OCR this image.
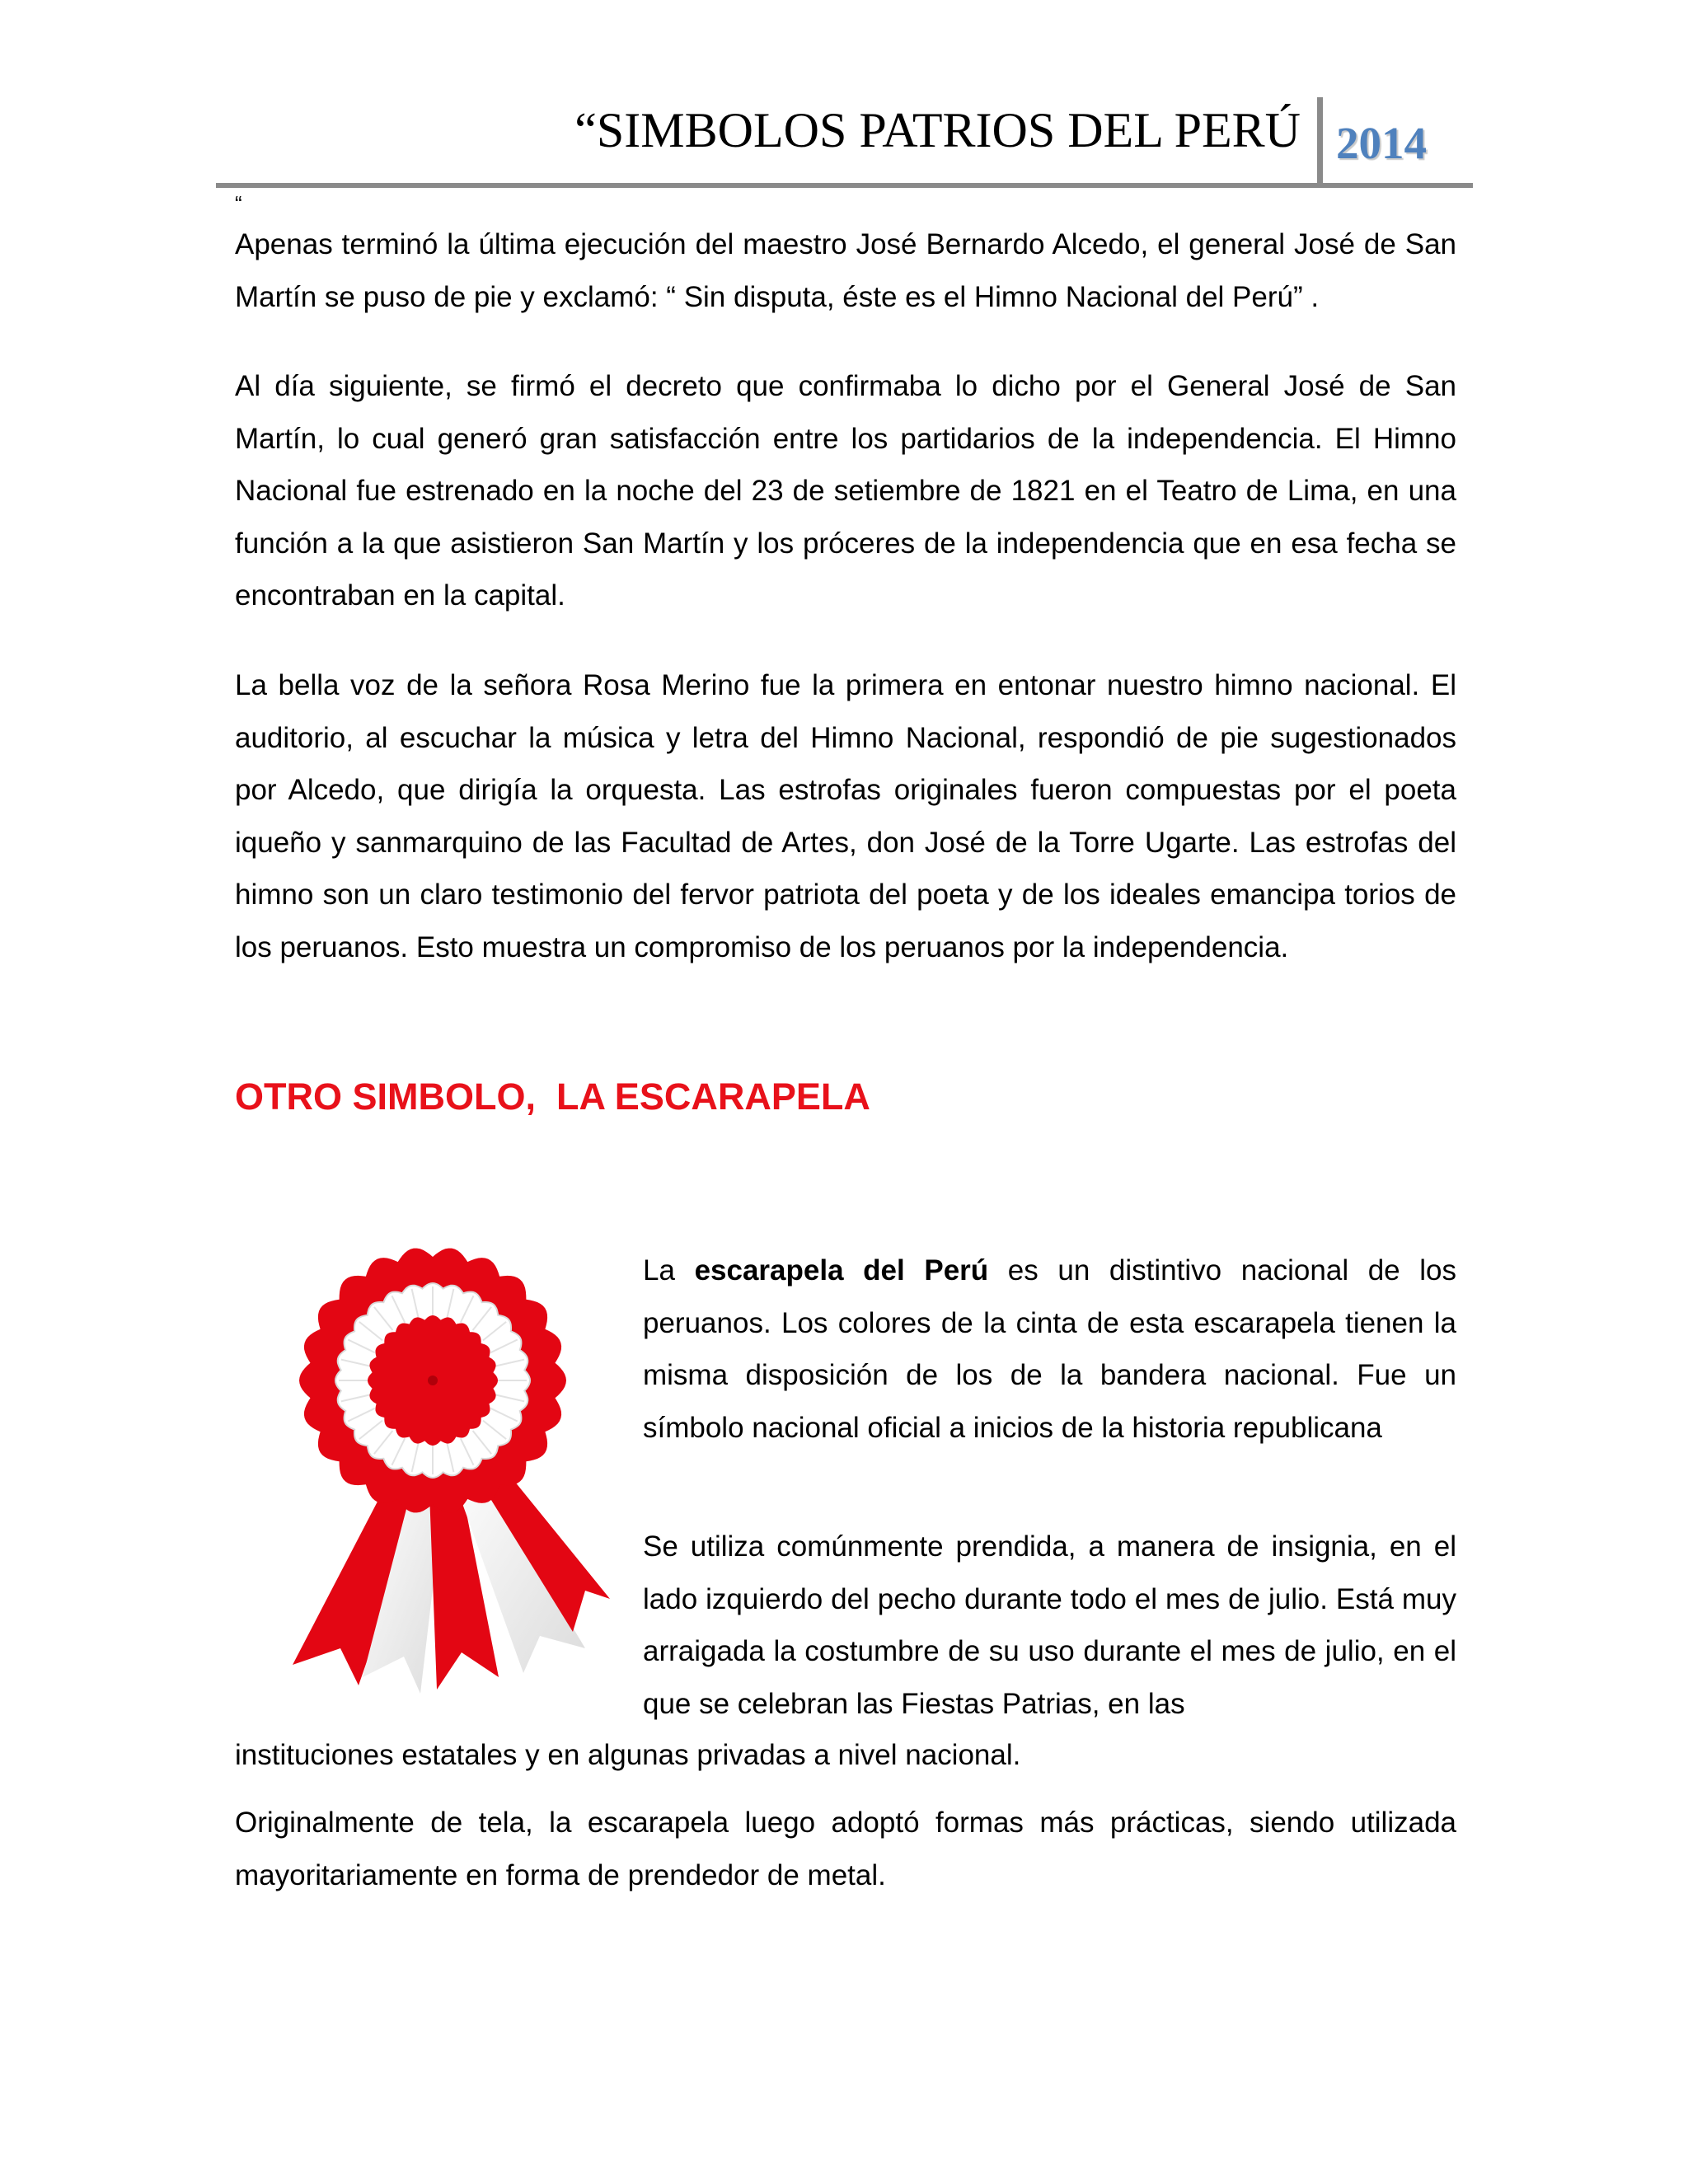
“SIMBOLOS PATRIOS DEL PERÚ 2014
“

Apenas terminó la última ejecución del maestro José Bernardo Alcedo, el general José de San Martín se puso de pie y exclamó: “ Sin disputa, éste es el Himno Nacional del Perú” .

Al día siguiente, se firmó el decreto que confirmaba lo dicho por el General José de San Martín, lo cual generó gran satisfacción entre los partidarios de la independencia. El Himno Nacional fue estrenado en la noche del 23 de setiembre de 1821 en el Teatro de Lima, en una función a la que asistieron San Martín y los próceres de la independencia que en esa fecha se encontraban en la capital.

La bella voz de la señora Rosa Merino fue la primera en entonar nuestro himno nacional. El auditorio, al escuchar la música y letra del Himno Nacional, respondió de pie sugestionados por Alcedo, que dirigía la orquesta. Las estrofas originales fueron compuestas por el poeta iqueño y sanmarquino de las Facultad de Artes, don José de la Torre Ugarte. Las estrofas del himno son un claro testimonio del fervor patriota del poeta y de los ideales emancipa torios de los peruanos. Esto muestra un compromiso de los peruanos por la independencia.

OTRO SIMBOLO,  LA ESCARAPELA

La escarapela del Perú es un distintivo nacional de los peruanos. Los colores de la cinta de esta escarapela tienen la misma disposición de los de la bandera nacional. Fue un símbolo nacional oficial a inicios de la historia republicana

Se utiliza comúnmente prendida, a manera de insignia, en el lado izquierdo del pecho durante todo el mes de julio. Está muy arraigada la costumbre de su uso durante el mes de julio, en el que se celebran las Fiestas Patrias, en las

instituciones estatales y en algunas privadas a nivel nacional.

Originalmente de tela, la escarapela luego adoptó formas más prácticas, siendo utilizada mayoritariamente en forma de prendedor de metal.
